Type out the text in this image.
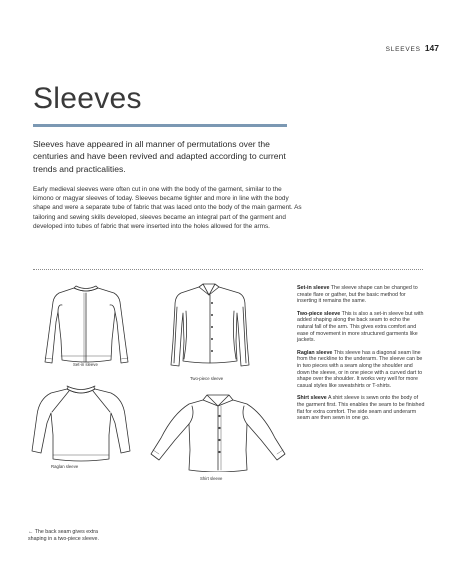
SLEEVES 147
Sleeves

Sleeves have appeared in all manner of permutations over the centuries and have been revived and adapted according to current trends and practicalities.

Early medieval sleeves were often cut in one with the body of the garment, similar to the kimono or magyar sleeves of today. Sleeves became tighter and more in line with the body shape and were a separate tube of fabric that was laced onto the body of the main garment. As tailoring and sewing skills developed, sleeves became an integral part of the garment and developed into tubes of fabric that were inserted into the holes allowed for the arms.

Set-in sleeve
Two-piece sleeve
Raglan sleeve
Shirt sleeve

Set-in sleeve The sleeve shape can be changed to create flare or gather, but the basic method for inserting it remains the same.

Two-piece sleeve This is also a set-in sleeve but with added shaping along the back seam to echo the natural fall of the arm. This gives extra comfort and ease of movement in more structured garments like jackets.

Raglan sleeve This sleeve has a diagonal seam line from the neckline to the underarm. The sleeve can be in two pieces with a seam along the shoulder and down the sleeve, or in one piece with a curved dart to shape over the shoulder. It works very well for more casual styles like sweatshirts or T-shirts.

Shirt sleeve A shirt sleeve is sewn onto the body of the garment first. This enables the seam to be finished flat for extra comfort. The side seam and underarm seam are then sewn in one go.

← The back seam gives extra shaping in a two-piece sleeve.
